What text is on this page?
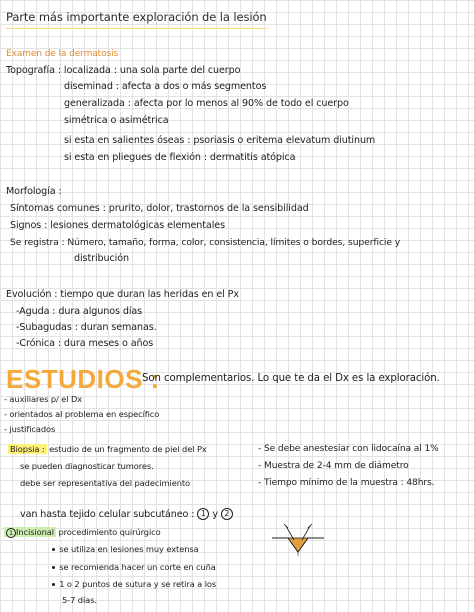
Parte más importante exploración de la lesión
Examen de la dermatosis
Topografía : localizada : una sola parte del cuerpo
diseminad : afecta a dos o más segmentos
generalizada : afecta por lo menos al 90% de todo el cuerpo
simétrica o asimétrica
si esta en salientes óseas : psoriasis o eritema elevatum diutinum
si esta en pliegues de flexión : dermatitis atópica
Morfología :
Síntomas comunes : prurito, dolor, trastornos de la sensibilidad
Signos : lesiones dermatológicas elementales
Se registra : Número, tamaño, forma, color, consistencia, límites o bordes, superficie y
distribución
Evolución : tiempo que duran las heridas en el Px
-Aguda : dura algunos días
-Subagudas : duran semanas.
-Crónica : dura meses o años
ESTUDIOS :
Son complementarios. Lo que te da el Dx es la exploración.
- auxiliares p/ el Dx
- orientados al problema en específico
- justificados
Biopsia : estudio de un fragmento de piel del Px
se pueden diagnosticar tumores.
debe ser representativa del padecimiento
- Se debe anestesiar con lidocaína al 1%
- Muestra de 2-4 mm de diámetro
- Tiempo mínimo de la muestra : 48hrs.
van hasta tejido celular subcutáneo : 1 y 2
1 Incisional procedimiento quirúrgico
se utiliza en lesiones muy extensa
se recomienda hacer un corte en cuña
1 o 2 puntos de sutura y se retira a los
5-7 días.
